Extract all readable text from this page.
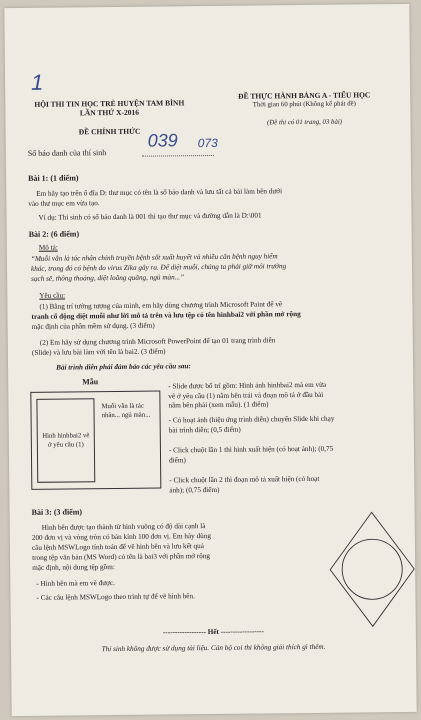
1
HỘI THI TIN HỌC TRẺ HUYỆN TAM BÌNH
LẦN THỨ X-2016
ĐỀ CHÍNH THỨC
ĐỀ THỰC HÀNH BẢNG A - TIỂU HỌC
Thời gian 60 phút (Không kể phát đề)
(Đề thi có 01 trang, 03 bài)
Số báo danh của thí sinh
039 073
Bài 1: (1 điểm)
Em hãy tạo trên ổ đĩa D: thư mục có tên là số báo danh và lưu tất cả bài làm bên dưới
vào thư mục em vừa tạo.
Ví dụ: Thí sinh có số báo danh là 001 thì tạo thư mục và đường dẫn là D:\001
Bài 2: (6 điểm)
Mô tả:
“Muỗi vằn là tác nhân chính truyền bệnh sốt xuất huyết và nhiều căn bệnh nguy hiểm
khác, trong đó có bệnh do virus Zika gây ra. Để diệt muỗi, chúng ta phải giữ môi trường
sạch sẽ, thông thoáng, diệt loăng quăng, ngủ màn...”
Yêu cầu:
(1) Bằng trí tưởng tượng của mình, em hãy dùng chương trình Microsoft Paint để vẽ
tranh cổ động diệt muỗi như lời mô tả trên và lưu tệp có tên hinhbai2 với phần mở rộng
mặc định của phần mềm sử dụng. (3 điểm)
(2) Em hãy sử dụng chương trình Microsoft PowerPoint để tạo 01 trang trình diễn
(Slide) và lưu bài làm với tên là bai2. (3 điểm)
Bài trình diễn phải đảm bảo các yêu cầu sau:
Mẫu
Hình hinhbai2 vẽ ở yêu cầu (1)
Muỗi vằn là tác nhân... ngủ màn...
- Slide được bố trí gồm: Hình ảnh hinhbai2 mà em vừa
vẽ ở yêu cầu (1) nằm bên trái và đoạn mô tả ở đầu bài
nằm bên phải (xem mẫu). (1 điểm)
- Có hoạt ảnh (hiệu ứng trình diễn) chuyển Slide khi chạy
bài trình diễn; (0,5 điểm)
- Click chuột lần 1 thì hình xuất hiện (có hoạt ảnh); (0,75
điểm)
- Click chuột lần 2 thì đoạn mô tả xuất hiện (có hoạt
ảnh); (0,75 điểm)
Bài 3: (3 điểm)
Hình bên được tạo thành từ hình vuông có độ dài cạnh là
200 đơn vị và vòng tròn có bán kính 100 đơn vị. Em hãy dùng
câu lệnh MSWLogo tính toán để vẽ hình bên và lưu kết quả
trong tệp văn bản (MS Word) có tên là bai3 với phần mở rộng
mặc định, nội dung tệp gồm:
- Hình bên mà em vẽ được.
- Các câu lệnh MSWLogo theo trình tự để vẽ hình bên.
------------------ Hết ------------------
Thí sinh không được sử dụng tài liệu. Cán bộ coi thi không giải thích gì thêm.
